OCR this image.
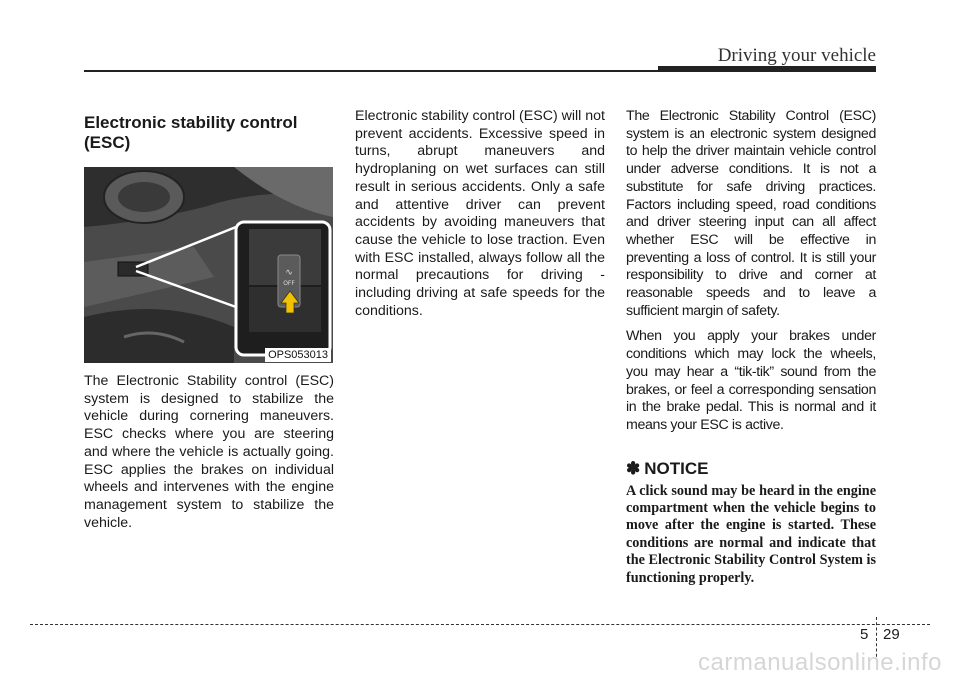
Driving your vehicle
Electronic stability control
(ESC)
∿
OFF
OPS053013

The Electronic Stability control (ESC) system is designed to stabilize the vehicle during cornering maneuvers. ESC checks where you are steering and where the vehicle is actually going. ESC applies the brakes on individual wheels and intervenes with the engine management system to stabilize the vehicle.

Electronic stability control (ESC) will not prevent accidents. Excessive speed in turns, abrupt maneuvers and hydroplaning on wet surfaces can still result in serious accidents. Only a safe and attentive driver can prevent accidents by avoiding maneuvers that cause the vehicle to lose traction. Even with ESC installed, always follow all the normal precautions for driving - including driving at safe speeds for the conditions.

The Electronic Stability Control (ESC) system is an electronic system designed to help the driver maintain vehicle control under adverse conditions. It is not a substitute for safe driving practices. Factors including speed, road conditions and driver steering input can all affect whether ESC will be effective in preventing a loss of control. It is still your responsibility to drive and corner at reasonable speeds and to leave a sufficient margin of safety.

When you apply your brakes under conditions which may lock the wheels, you may hear a “tik-tik” sound from the brakes, or feel a corresponding sensation in the brake pedal. This is normal and it means your ESC is active.

✽ NOTICE

A click sound may be heard in the engine compartment when the vehicle begins to move after the engine is started. These conditions are normal and indicate that the Electronic Stability Control System is functioning properly.

5 29
carmanualsonline.info
